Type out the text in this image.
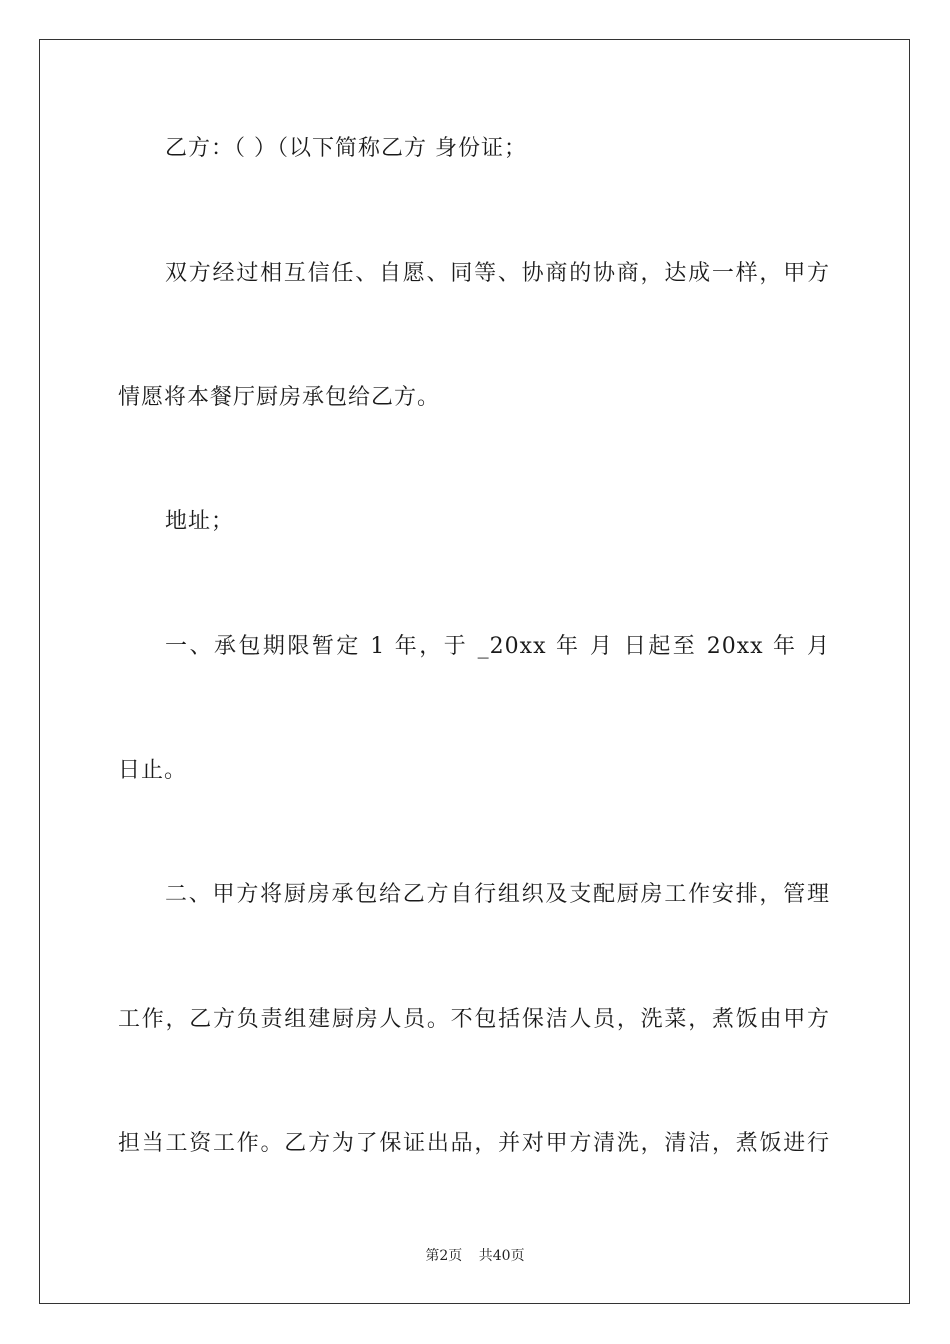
乙方：（ ）（以下简称乙方 身份证；
双方经过相互信任、自愿、同等、协商的协商，达成一样，甲方
情愿将本餐厅厨房承包给乙方。
地址；
一、承包期限暂定 1 年，于 _20xx 年 月 日起至 20xx 年 月
日止。
二、甲方将厨房承包给乙方自行组织及支配厨房工作安排，管理
工作，乙方负责组建厨房人员。不包括保洁人员，洗菜，煮饭由甲方
担当工资工作。乙方为了保证出品，并对甲方清洗，清洁，煮饭进行
第2页 共40页
